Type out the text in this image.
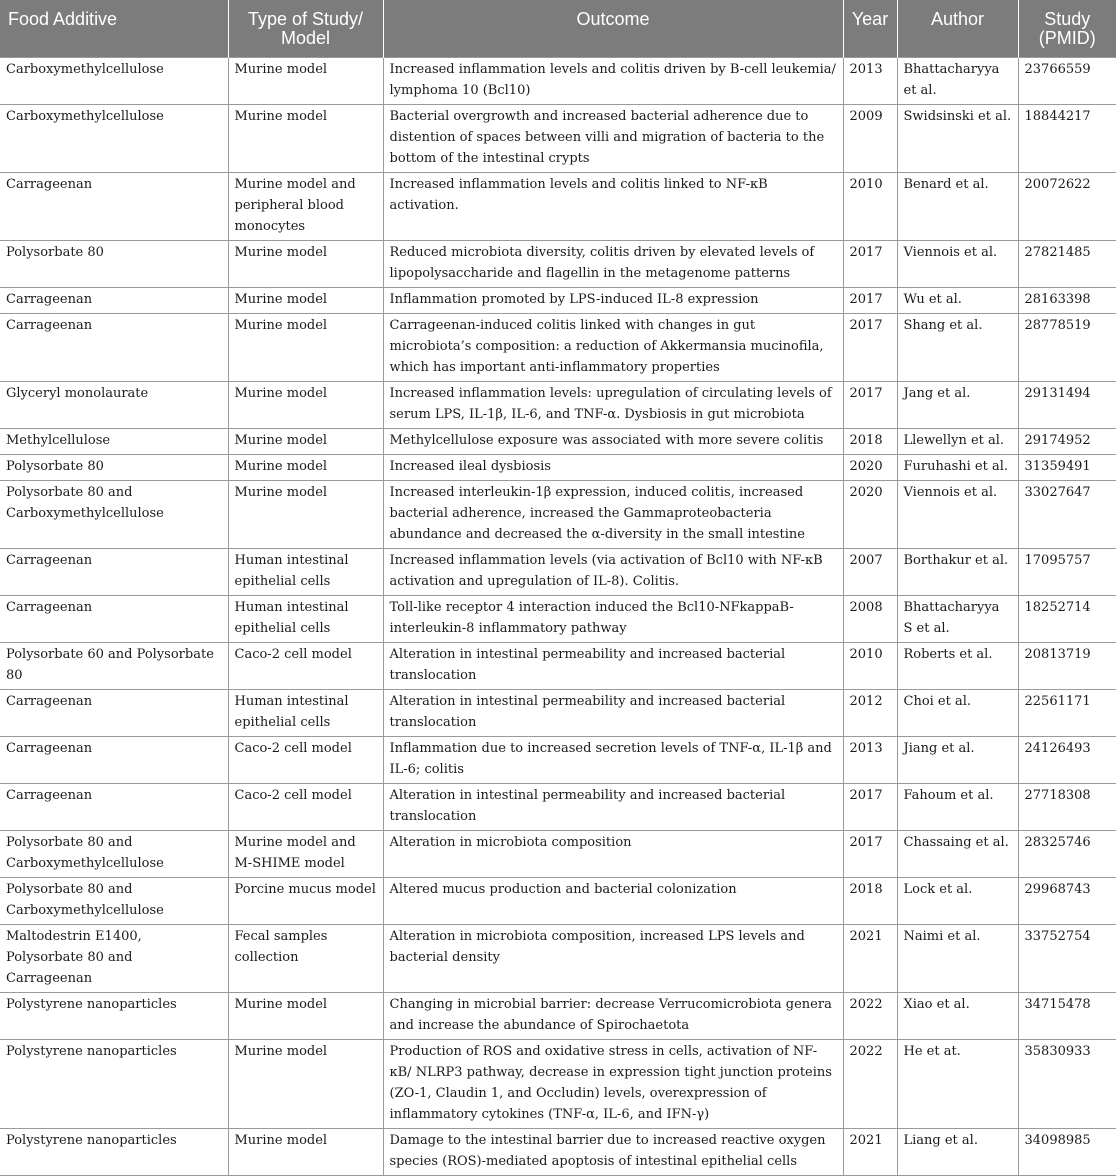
Food Additive	Type of Study/ Model	Outcome	Year	Author	Study (PMID)

Carboxymethylcellulose	Murine model	Increased inflammation levels and colitis driven by B-cell leukemia/ lymphoma 10 (Bcl10)	2013	Bhattacharyya et al.	23766559
Carboxymethylcellulose	Murine model	Bacterial overgrowth and increased bacterial adherence due to distention of spaces between villi and migration of bacteria to the bottom of the intestinal crypts	2009	Swidsinski et al.	18844217
Carrageenan	Murine model and peripheral blood monocytes	Increased inflammation levels and colitis linked to NF-κB activation.	2010	Benard et al.	20072622
Polysorbate 80	Murine model	Reduced microbiota diversity, colitis driven by elevated levels of lipopolysaccharide and flagellin in the metagenome patterns	2017	Viennois et al.	27821485
Carrageenan	Murine model	Inflammation promoted by LPS-induced IL-8 expression	2017	Wu et al.	28163398
Carrageenan	Murine model	Carrageenan-induced colitis linked with changes in gut microbiota’s composition: a reduction of Akkermansia mucinofila, which has important anti-inflammatory properties	2017	Shang et al.	28778519
Glyceryl monolaurate	Murine model	Increased inflammation levels: upregulation of circulating levels of serum LPS, IL-1β, IL-6, and TNF-α. Dysbiosis in gut microbiota	2017	Jang et al.	29131494
Methylcellulose	Murine model	Methylcellulose exposure was associated with more severe colitis	2018	Llewellyn et al.	29174952
Polysorbate 80	Murine model	Increased ileal dysbiosis	2020	Furuhashi et al.	31359491
Polysorbate 80 and Carboxymethylcellulose	Murine model	Increased interleukin-1β expression, induced colitis, increased bacterial adherence, increased the Gammaproteobacteria abundance and decreased the α-diversity in the small intestine	2020	Viennois et al.	33027647
Carrageenan	Human intestinal epithelial cells	Increased inflammation levels (via activation of Bcl10 with NF-κB activation and upregulation of IL-8). Colitis.	2007	Borthakur et al.	17095757
Carrageenan	Human intestinal epithelial cells	Toll-like receptor 4 interaction induced the Bcl10-NFkappaB-interleukin-8 inflammatory pathway	2008	Bhattacharyya S et al.	18252714
Polysorbate 60 and Polysorbate 80	Caco-2 cell model	Alteration in intestinal permeability and increased bacterial translocation	2010	Roberts et al.	20813719
Carrageenan	Human intestinal epithelial cells	Alteration in intestinal permeability and increased bacterial translocation	2012	Choi et al.	22561171
Carrageenan	Caco-2 cell model	Inflammation due to increased secretion levels of TNF-α, IL-1β and IL-6; colitis	2013	Jiang et al.	24126493
Carrageenan	Caco-2 cell model	Alteration in intestinal permeability and increased bacterial translocation	2017	Fahoum et al.	27718308
Polysorbate 80 and Carboxymethylcellulose	Murine model and M-SHIME model	Alteration in microbiota composition	2017	Chassaing et al.	28325746
Polysorbate 80 and Carboxymethylcellulose	Porcine mucus model	Altered mucus production and bacterial colonization	2018	Lock et al.	29968743
Maltodestrin E1400, Polysorbate 80 and Carrageenan	Fecal samples collection	Alteration in microbiota composition, increased LPS levels and bacterial density	2021	Naimi et al.	33752754
Polystyrene nanoparticles	Murine model	Changing in microbial barrier: decrease Verrucomicrobiota genera and increase the abundance of Spirochaetota	2022	Xiao et al.	34715478
Polystyrene nanoparticles	Murine model	Production of ROS and oxidative stress in cells, activation of NF-κB/ NLRP3 pathway, decrease in expression tight junction proteins (ZO-1, Claudin 1, and Occludin) levels, overexpression of inflammatory cytokines (TNF-α, IL-6, and IFN-γ)	2022	He et at.	35830933
Polystyrene nanoparticles	Murine model	Damage to the intestinal barrier due to increased reactive oxygen species (ROS)-mediated apoptosis of intestinal epithelial cells	2021	Liang et al.	34098985
